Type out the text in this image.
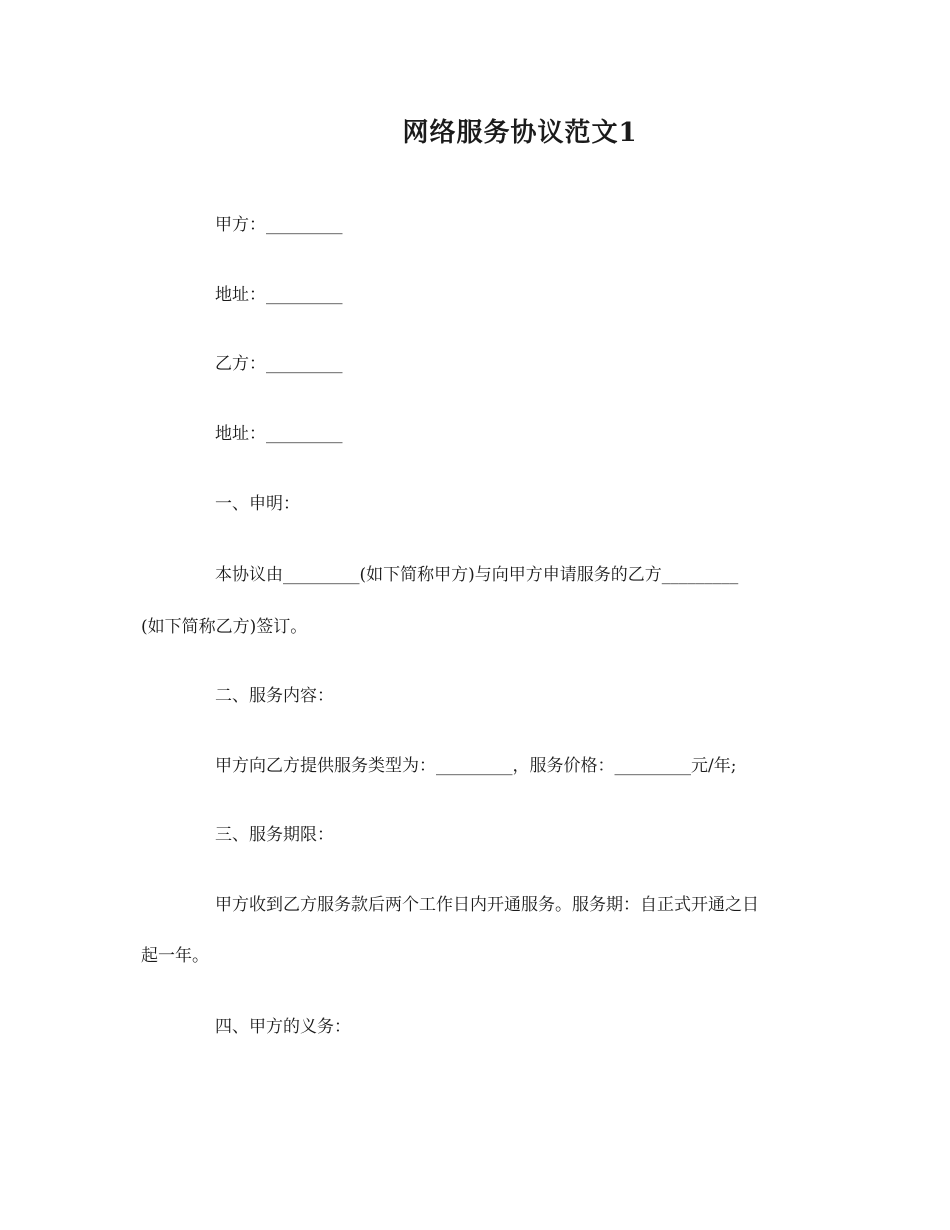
网络服务协议范文1

甲方：_________

地址：_________

乙方：_________

地址：_________

一、申明：

本协议由_________(如下简称甲方)与向甲方申请服务的乙方_________

(如下简称乙方)签订。

二、服务内容：

甲方向乙方提供服务类型为：_________，服务价格：_________元/年;

三、服务期限：

甲方收到乙方服务款后两个工作日内开通服务。服务期：自正式开通之日

起一年。

四、甲方的义务：
